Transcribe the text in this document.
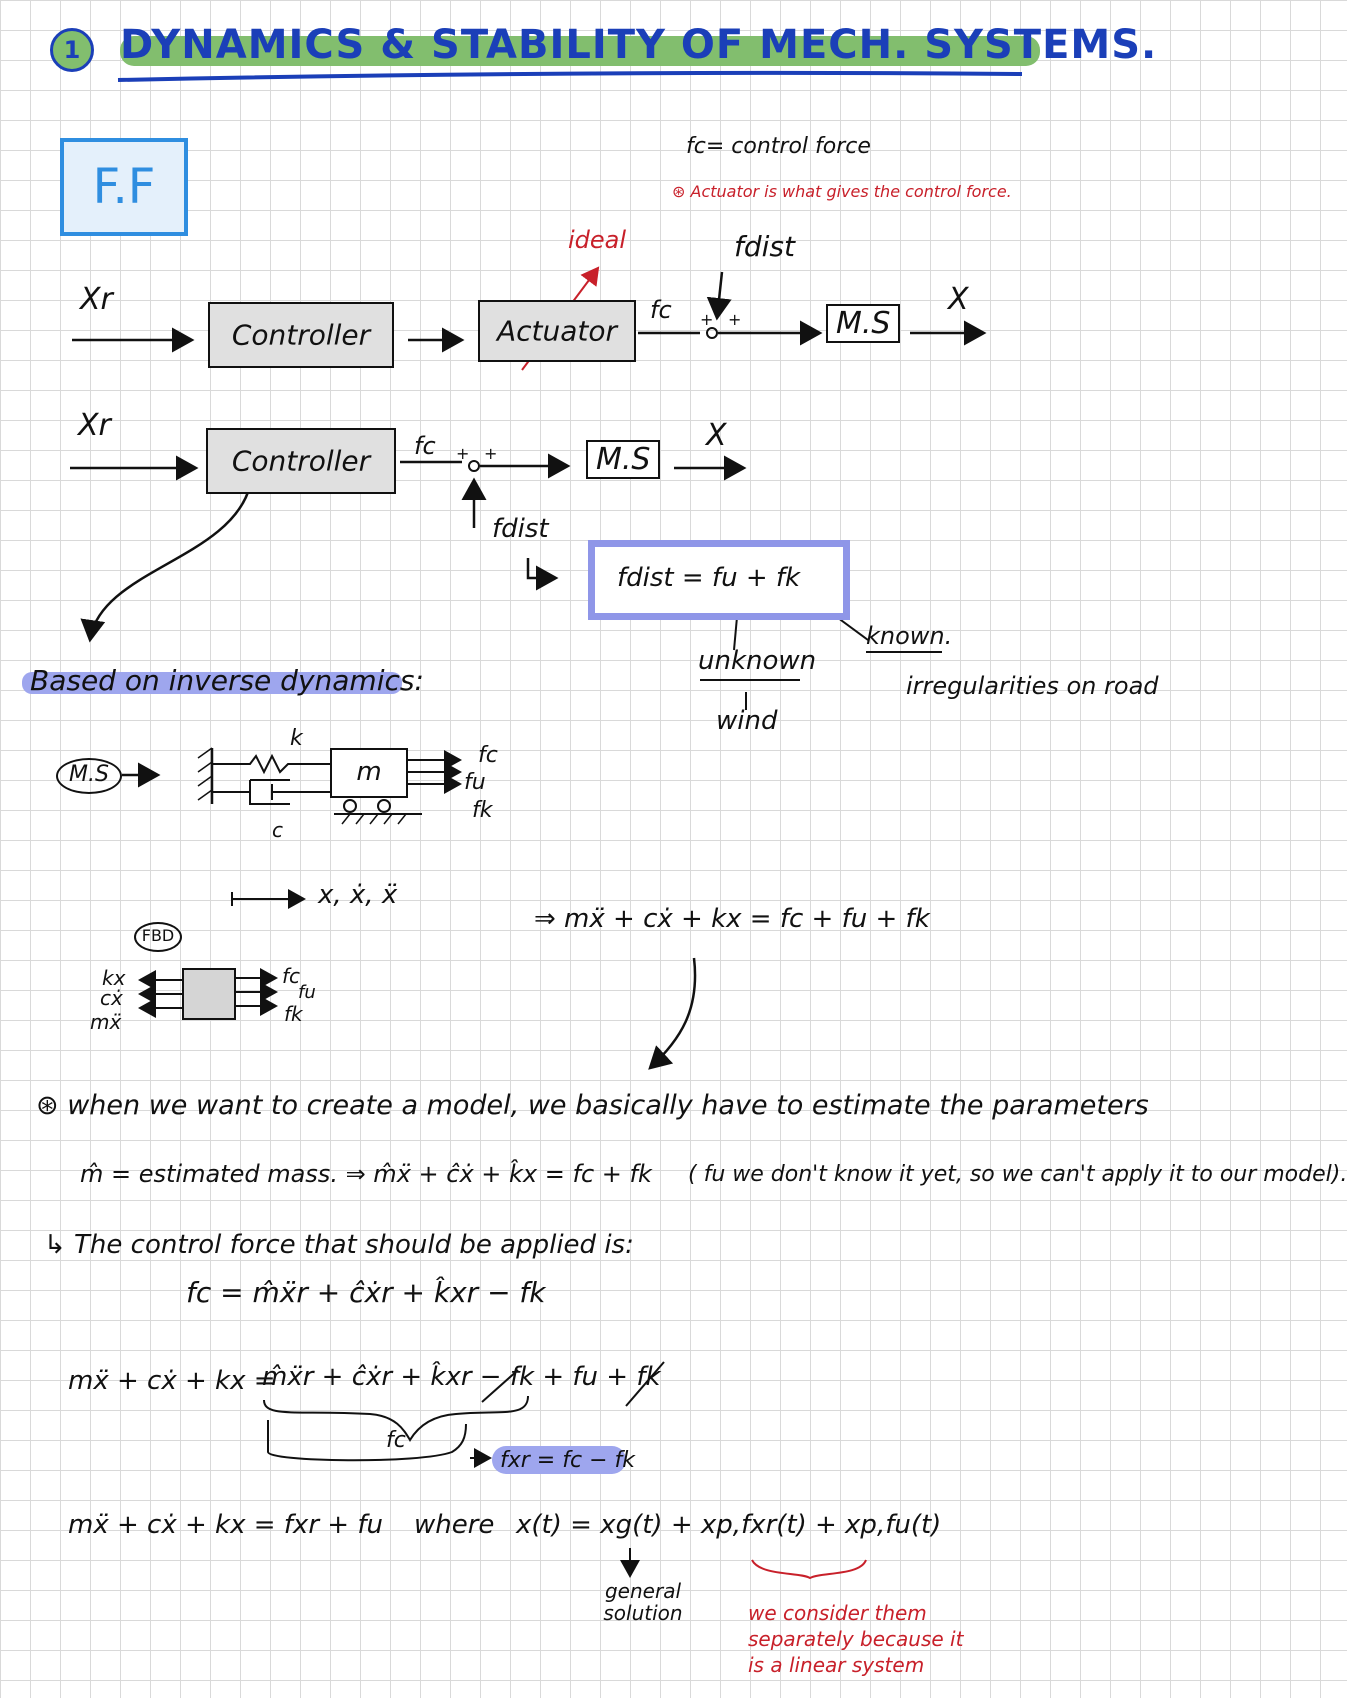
1 DYNAMICS & STABILITY OF MECH. SYSTEMS.
F.F
fc= control force
⊛ Actuator is what gives the control force.
ideal
Xr
Controller	Actuator
fc
fdist
+ +	M.S
X
Xr
Controller	fc + +
fdist
M.S
X
fdist = fu + fk
unknown
wind
known.
irregularities on road
Based on inverse dynamics:
M.S
k
c
m
fc
fu
fk
x, ẋ, ẍ
FBD
kx
cẋ
mẍ
fc
fu
fk
⇒ mẍ + cẋ + kx = fc + fu + fk
⊛ when we want to create a model, we basically have to estimate the parameters
m̂ = estimated mass. ⇒ m̂ẍ + ĉẋ + k̂x = fc + fk ( fu we don't know it yet, so we can't apply it to our model).
↳ The control force that should be applied is:
fc = m̂ẍr + ĉẋr + k̂xr − fk
mẍ + cẋ + kx =
m̂ẍr + ĉẋr + k̂xr − fk + fu + fk
fc
fxr = fc − fk
mẍ + cẋ + kx = fxr + fu where x(t) = xg(t) + xp,fxr(t) + xp,fu(t)
general solution	we consider them separately because it is a linear system
